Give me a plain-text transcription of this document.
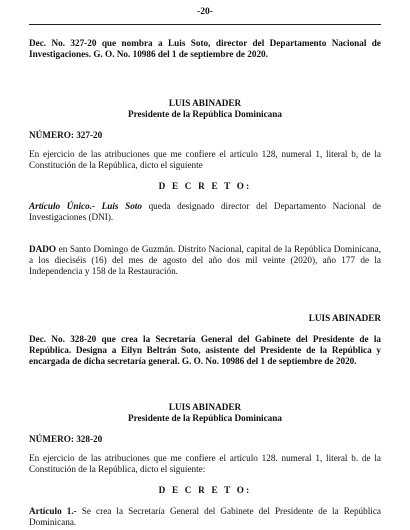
-20-
Dec. No. 327-20 que nombra a Luis Soto, director del Departamento Nacional de Investigaciones. G. O. No. 10986 del 1 de septiembre de 2020.
LUIS ABINADER
Presidente de la República Dominicana
NÚMERO: 327-20
En ejercicio de las atribuciones que me confiere el artículo 128, numeral 1, literal b, de la Constitución de la República, dicto el siguiente
D E C R E T O:
Artículo Único.- Luis Soto queda designado director del Departamento Nacional de Investigaciones (DNI).
DADO en Santo Domingo de Guzmán. Distrito Nacional, capital de la República Dominicana, a los dieciséis (16) del mes de agosto del año dos mil veinte (2020), año 177 de la Independencia y 158 de la Restauración.
LUIS ABINADER
Dec. No. 328-20 que crea la Secretaría General del Gabinete del Presidente de la República. Designa a Eilyn Beltrán Soto, asistente del Presidente de la República y encargada de dicha secretaría general. G. O. No. 10986 del 1 de septiembre de 2020.
LUIS ABINADER
Presidente de la República Dominicana
NÚMERO: 328-20
En ejercicio de las atribuciones que me confiere el artículo 128. numeral 1, literal b. de la Constitución de la República, dicto el siguiente:
D E C R E T O:
Artículo 1.- Se crea la Secretaría General del Gabinete del Presidente de la República Dominicana.
